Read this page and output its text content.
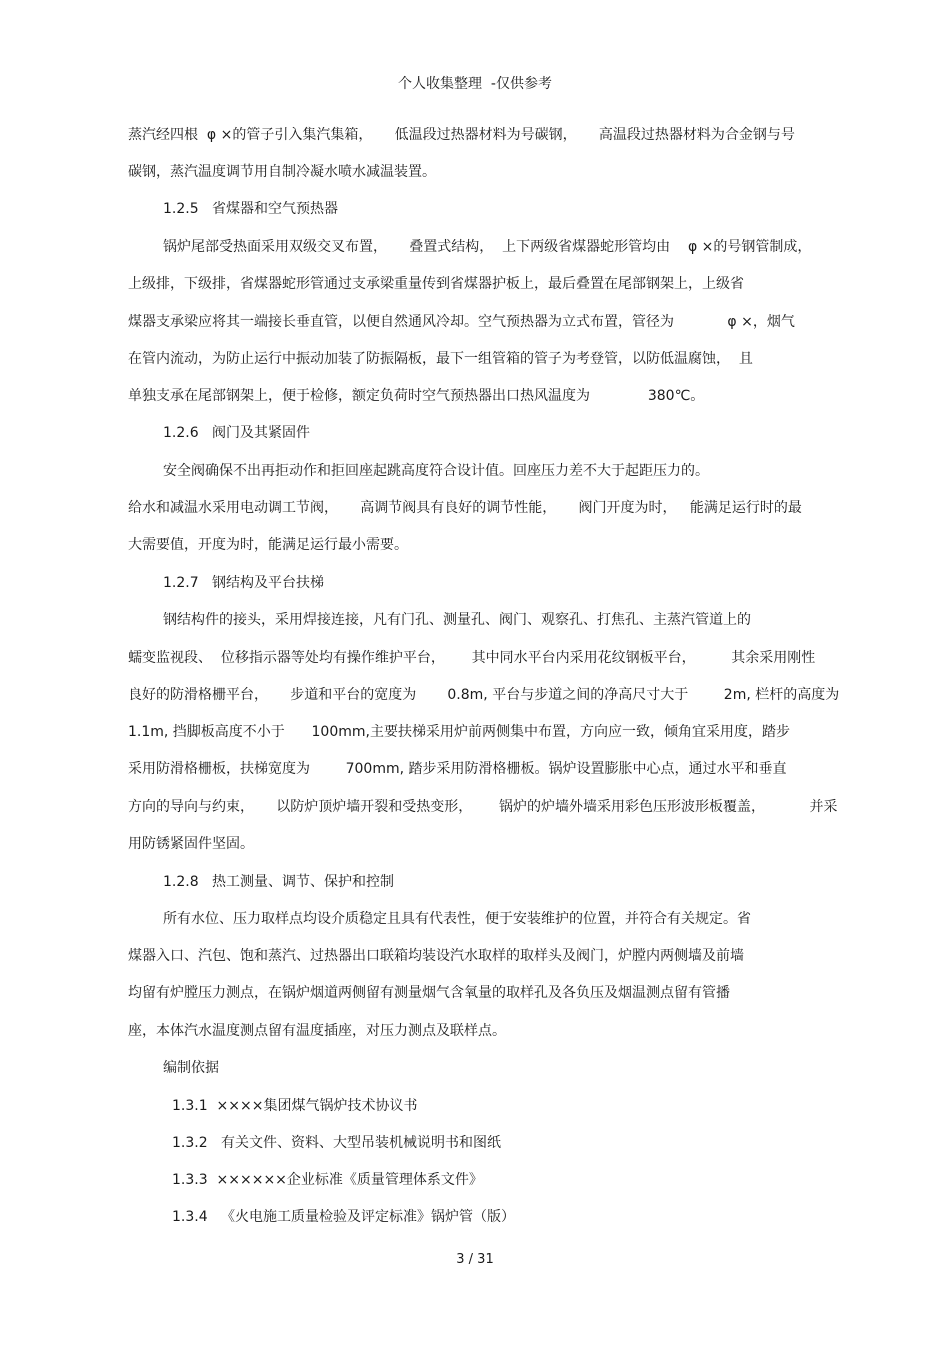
个人收集整理  -仅供参考
蒸汽经四根  φ ×的管子引入集汽集箱，     低温段过热器材料为号碳钢，     高温段过热器材料为合金钢与号
碳钢，蒸汽温度调节用自制冷凝水喷水减温装置。
1.2.5   省煤器和空气预热器
锅炉尾部受热面采用双级交叉布置，     叠置式结构，  上下两级省煤器蛇形管均由    φ ×的号钢管制成，
上级排，下级排，省煤器蛇形管通过支承梁重量传到省煤器护板上，最后叠置在尾部钢架上，上级省
煤器支承梁应将其一端接长垂直管，以便自然通风冷却。空气预热器为立式布置，管径为            φ ×，烟气
在管内流动，为防止运行中振动加装了防振隔板，最下一组管箱的管子为考登管，以防低温腐蚀，  且
单独支承在尾部钢架上，便于检修，额定负荷时空气预热器出口热风温度为             380℃。
1.2.6   阀门及其紧固件
安全阀确保不出再拒动作和拒回座起跳高度符合设计值。回座压力差不大于起距压力的。
给水和减温水采用电动调工节阀，     高调节阀具有良好的调节性能，     阀门开度为时，   能满足运行时的最
大需要值，开度为时，能满足运行最小需要。
1.2.7   钢结构及平台扶梯
钢结构件的接头，采用焊接连接，凡有门孔、测量孔、阀门、观察孔、打焦孔、主蒸汽管道上的
蠕变监视段、  位移指示器等处均有操作维护平台，      其中同水平台内采用花纹钢板平台，        其余采用刚性
良好的防滑格栅平台，     步道和平台的宽度为       0.8m, 平台与步道之间的净高尺寸大于        2m, 栏杆的高度为
1.1m, 挡脚板高度不小于      100mm,主要扶梯采用炉前两侧集中布置，方向应一致，倾角宜采用度，踏步
采用防滑格栅板，扶梯宽度为        700mm, 踏步采用防滑格栅板。锅炉设置膨胀中心点，通过水平和垂直
方向的导向与约束，     以防炉顶炉墙开裂和受热变形，      锅炉的炉墙外墙采用彩色压形波形板覆盖，          并采
用防锈紧固件坚固。
1.2.8   热工测量、调节、保护和控制
所有水位、压力取样点均设介质稳定且具有代表性，便于安装维护的位置，并符合有关规定。省
煤器入口、汽包、饱和蒸汽、过热器出口联箱均装设汽水取样的取样头及阀门，炉膛内两侧墙及前墙
均留有炉膛压力测点，在锅炉烟道两侧留有测量烟气含氧量的取样孔及各负压及烟温测点留有管播
座，本体汽水温度测点留有温度插座，对压力测点及联样点。
编制依据
1.3.1  ××××集团煤气锅炉技术协议书
1.3.2   有关文件、资料、大型吊装机械说明书和图纸
1.3.3  ××××××企业标准《质量管理体系文件》
1.3.4   《火电施工质量检验及评定标准》锅炉管（版）
3 / 31
